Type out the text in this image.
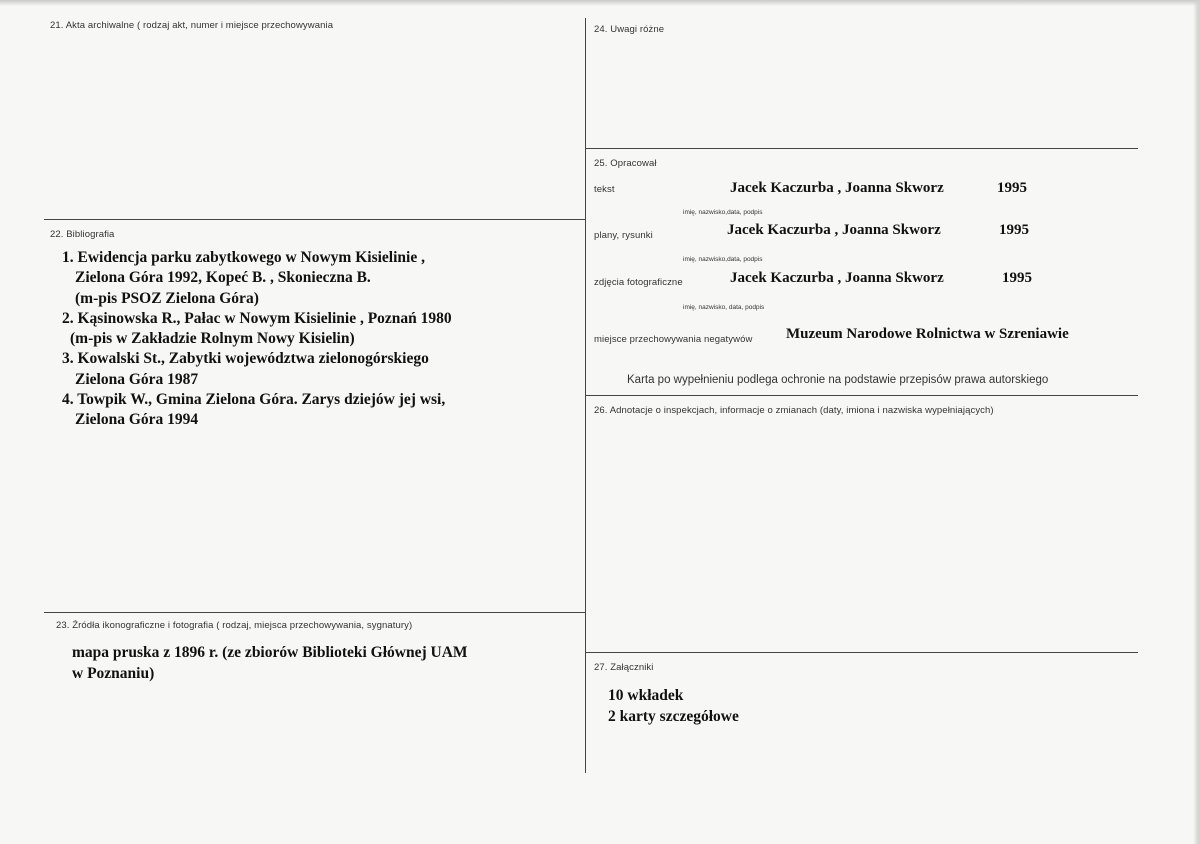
21. Akta archiwalne ( rodzaj akt, numer i miejsce przechowywania
22. Bibliografia
1. Ewidencja parku zabytkowego w Nowym Kisielinie ,
Zielona Góra 1992, Kopeć B. , Skonieczna B.
(m-pis PSOZ Zielona Góra)
2. Kąsinowska R., Pałac w Nowym Kisielinie , Poznań 1980
(m-pis w Zakładzie Rolnym Nowy Kisielin)
3. Kowalski St., Zabytki województwa zielonogórskiego
Zielona Góra 1987
4. Towpik W., Gmina Zielona Góra. Zarys dziejów jej wsi,
Zielona Góra 1994
23. Źródła ikonograficzne i fotografia ( rodzaj, miejsca przechowywania, sygnatury)
mapa pruska z 1896 r. (ze zbiorów Biblioteki Głównej UAM
w Poznaniu)
24. Uwagi różne
25. Opracował
tekst	Jacek Kaczurba , Joanna Skworz	1995
imię, nazwisko,data, podpis
plany, rysunki	Jacek Kaczurba , Joanna Skworz	1995
imię, nazwisko,data, podpis
zdjęcia fotograficzne	Jacek Kaczurba , Joanna Skworz	1995
imię, nazwisko, data, podpis
miejsce przechowywania negatywów Muzeum Narodowe Rolnictwa w Szreniawie
Karta po wypełnieniu podlega ochronie na podstawie przepisów prawa autorskiego
26. Adnotacje o inspekcjach, informacje o zmianach (daty, imiona i nazwiska wypełniających)
27. Załączniki
10 wkładek
2 karty szczegółowe
